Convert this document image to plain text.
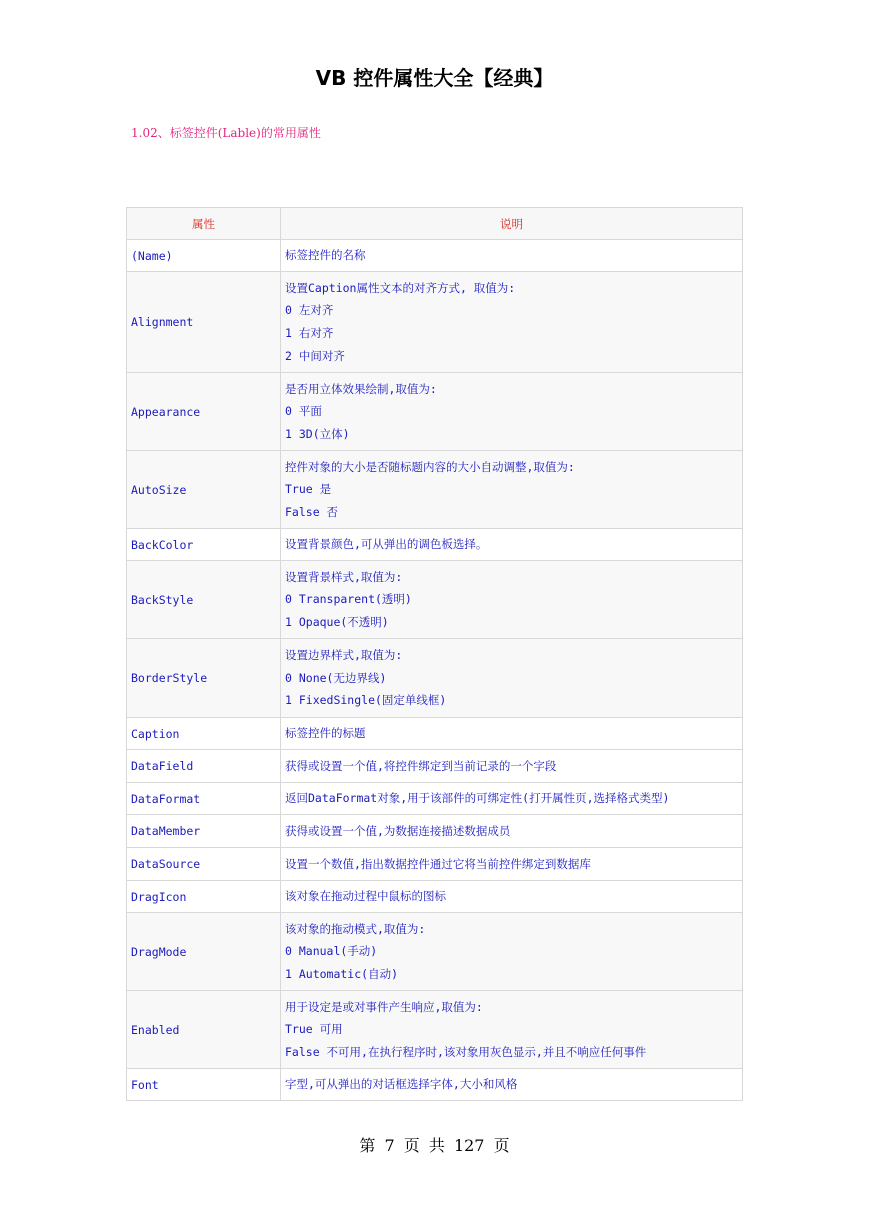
VB 控件属性大全【经典】
1.02、标签控件(Lable)的常用属性
属性	说明
(Name)	标签控件的名称

Alignment	设置Caption属性文本的对齐方式, 取值为:
0 左对齐
1 右对齐
2 中间对齐

Appearance	是否用立体效果绘制,取值为:
0 平面
1 3D(立体)

AutoSize	控件对象的大小是否随标题内容的大小自动调整,取值为:
True 是
False 否

BackColor	设置背景颜色,可从弹出的调色板选择。

BackStyle	设置背景样式,取值为:
0 Transparent(透明)
1 Opaque(不透明)

BorderStyle	设置边界样式,取值为:
0 None(无边界线)
1 FixedSingle(固定单线框)

Caption	标签控件的标题

DataField	获得或设置一个值,将控件绑定到当前记录的一个字段

DataFormat	返回DataFormat对象,用于该部件的可绑定性(打开属性页,选择格式类型)

DataMember	获得或设置一个值,为数据连接描述数据成员

DataSource	设置一个数值,指出数据控件通过它将当前控件绑定到数据库

DragIcon	该对象在拖动过程中鼠标的图标

DragMode	该对象的拖动模式,取值为:
0 Manual(手动)
1 Automatic(自动)

Enabled	用于设定是或对事件产生响应,取值为:
True 可用
False 不可用,在执行程序时,该对象用灰色显示,并且不响应任何事件

Font	字型,可从弹出的对话框选择字体,大小和风格
第 7 页 共 127 页
